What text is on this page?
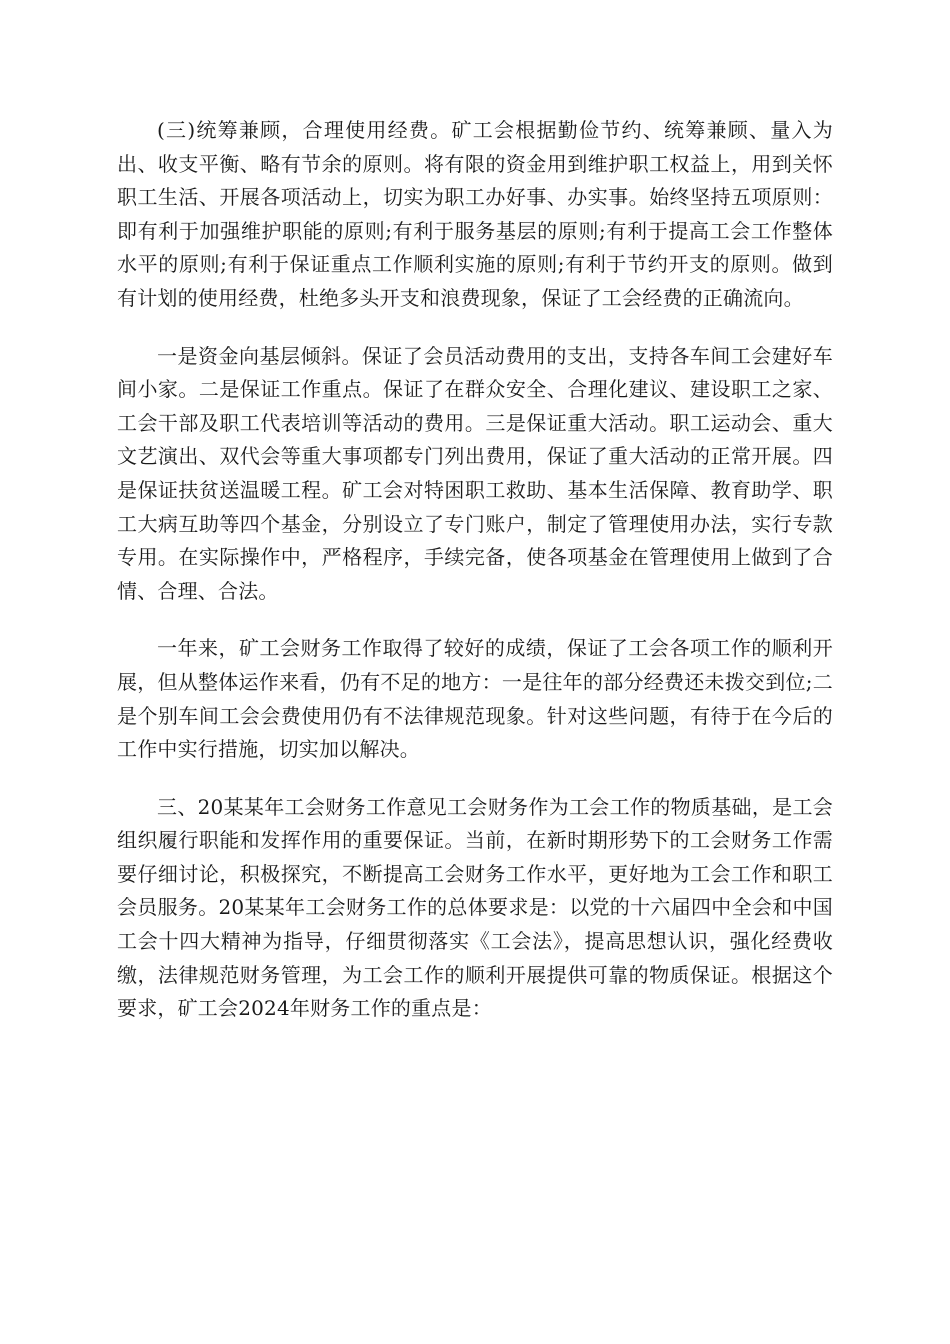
(三)统筹兼顾，合理使用经费。矿工会根据勤俭节约、统筹兼顾、量入为出、收支平衡、略有节余的原则。将有限的资金用到维护职工权益上，用到关怀职工生活、开展各项活动上，切实为职工办好事、办实事。始终坚持五项原则：即有利于加强维护职能的原则;有利于服务基层的原则;有利于提高工会工作整体水平的原则;有利于保证重点工作顺利实施的原则;有利于节约开支的原则。做到有计划的使用经费，杜绝多头开支和浪费现象，保证了工会经费的正确流向。

一是资金向基层倾斜。保证了会员活动费用的支出，支持各车间工会建好车间小家。二是保证工作重点。保证了在群众安全、合理化建议、建设职工之家、工会干部及职工代表培训等活动的费用。三是保证重大活动。职工运动会、重大文艺演出、双代会等重大事项都专门列出费用，保证了重大活动的正常开展。四是保证扶贫送温暖工程。矿工会对特困职工救助、基本生活保障、教育助学、职工大病互助等四个基金，分别设立了专门账户，制定了管理使用办法，实行专款专用。在实际操作中，严格程序，手续完备，使各项基金在管理使用上做到了合情、合理、合法。

一年来，矿工会财务工作取得了较好的成绩，保证了工会各项工作的顺利开展，但从整体运作来看，仍有不足的地方：一是往年的部分经费还未拨交到位;二是个别车间工会会费使用仍有不法律规范现象。针对这些问题，有待于在今后的工作中实行措施，切实加以解决。

三、20某某年工会财务工作意见工会财务作为工会工作的物质基础，是工会组织履行职能和发挥作用的重要保证。当前，在新时期形势下的工会财务工作需要仔细讨论，积极探究，不断提高工会财务工作水平，更好地为工会工作和职工会员服务。20某某年工会财务工作的总体要求是：以党的十六届四中全会和中国工会十四大精神为指导，仔细贯彻落实《工会法》，提高思想认识，强化经费收缴，法律规范财务管理，为工会工作的顺利开展提供可靠的物质保证。根据这个要求，矿工会2024年财务工作的重点是：
